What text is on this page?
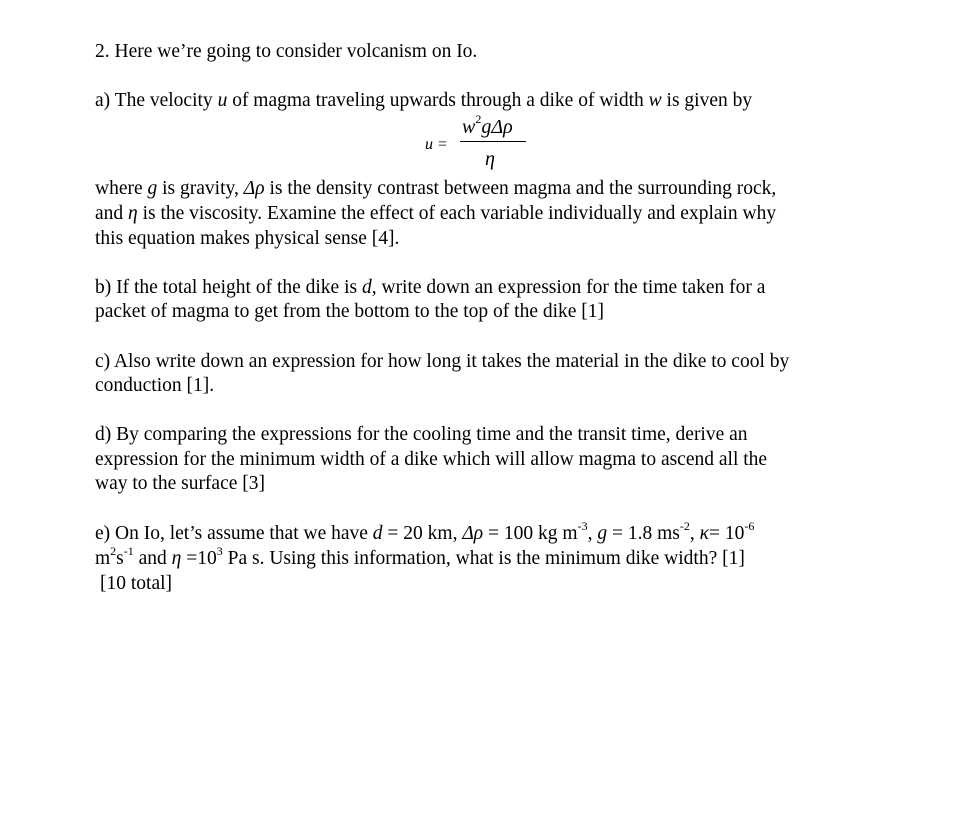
2. Here we’re going to consider volcanism on Io.
a) The velocity u of magma traveling upwards through a dike of width w is given by
u =
$w^2g\Delta\rho$
η
where g is gravity, Δρ is the density contrast between magma and the surrounding rock,
and η is the viscosity. Examine the effect of each variable individually and explain why
this equation makes physical sense [4].
b) If the total height of the dike is d, write down an expression for the time taken for a
packet of magma to get from the bottom to the top of the dike [1]
c) Also write down an expression for how long it takes the material in the dike to cool by
conduction [1].
d) By comparing the expressions for the cooling time and the transit time, derive an
expression for the minimum width of a dike which will allow magma to ascend all the
way to the surface [3]
e) On Io, let’s assume that we have d = 20 km, Δρ = 100 kg $m^{-3}$, g = 1.8 $ms^{-2}$, $\kappa= 10^{-6}$
$m^2s^{-1}$ and $\eta =10^3$ Pa s. Using this information, what is the minimum dike width? [1]
[10 total]
